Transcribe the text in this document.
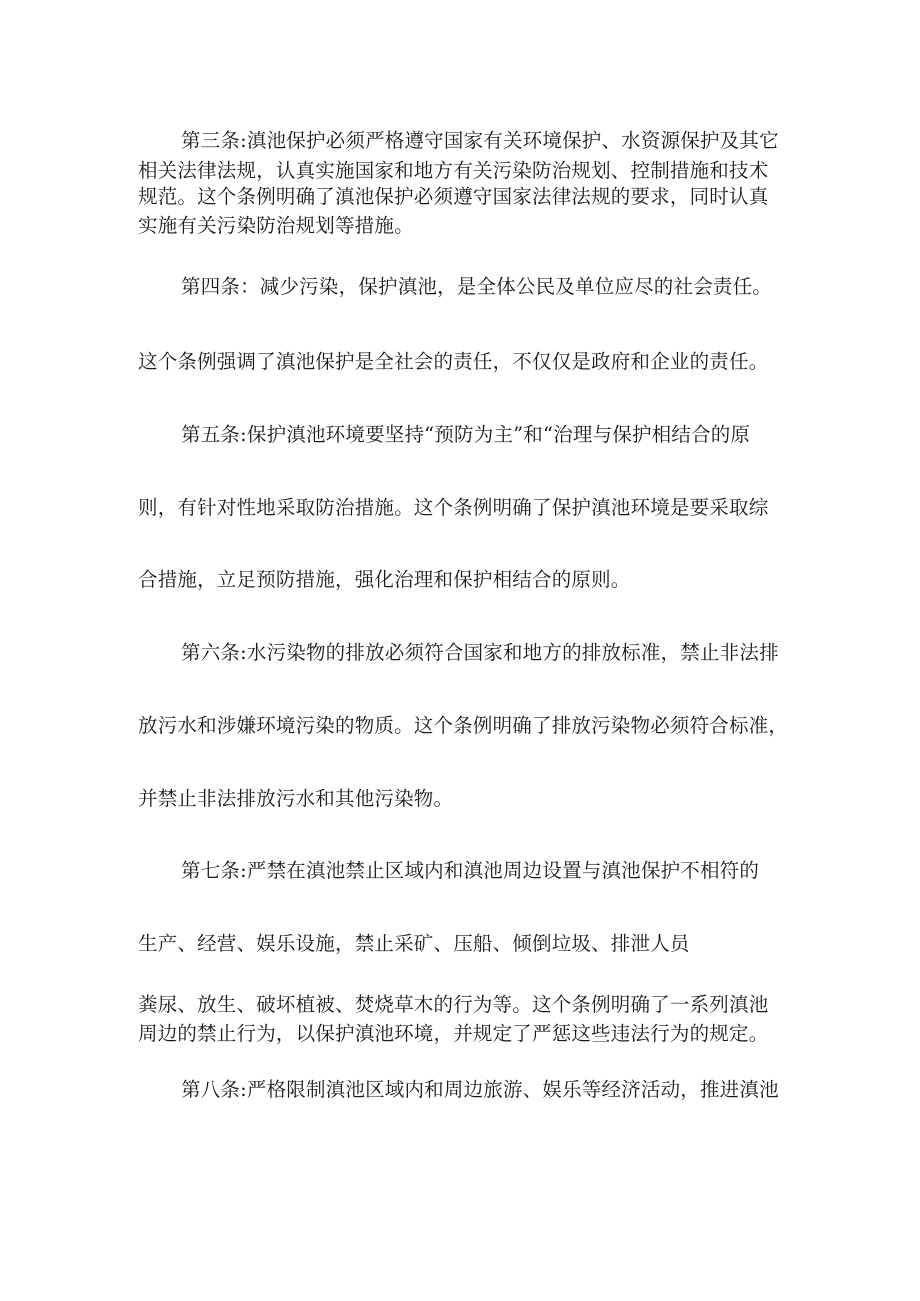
第三条:滇池保护必须严格遵守国家有关环境保护、水资源保护及其它

相关法律法规，认真实施国家和地方有关污染防治规划、控制措施和技术

规范。这个条例明确了滇池保护必须遵守国家法律法规的要求，同时认真

实施有关污染防治规划等措施。

第四条：减少污染，保护滇池，是全体公民及单位应尽的社会责任。

这个条例强调了滇池保护是全社会的责任，不仅仅是政府和企业的责任。

第五条:保护滇池环境要坚持“预防为主”和“治理与保护相结合的原

则，有针对性地采取防治措施。这个条例明确了保护滇池环境是要采取综

合措施，立足预防措施，强化治理和保护相结合的原则。

第六条:水污染物的排放必须符合国家和地方的排放标准，禁止非法排

放污水和涉嫌环境污染的物质。这个条例明确了排放污染物必须符合标准，

并禁止非法排放污水和其他污染物。

第七条:严禁在滇池禁止区域内和滇池周边设置与滇池保护不相符的

生产、经营、娱乐设施，禁止采矿、压船、倾倒垃圾、排泄人员

粪尿、放生、破坏植被、焚烧草木的行为等。这个条例明确了一系列滇池

周边的禁止行为，以保护滇池环境，并规定了严惩这些违法行为的规定。

第八条:严格限制滇池区域内和周边旅游、娱乐等经济活动，推进滇池
